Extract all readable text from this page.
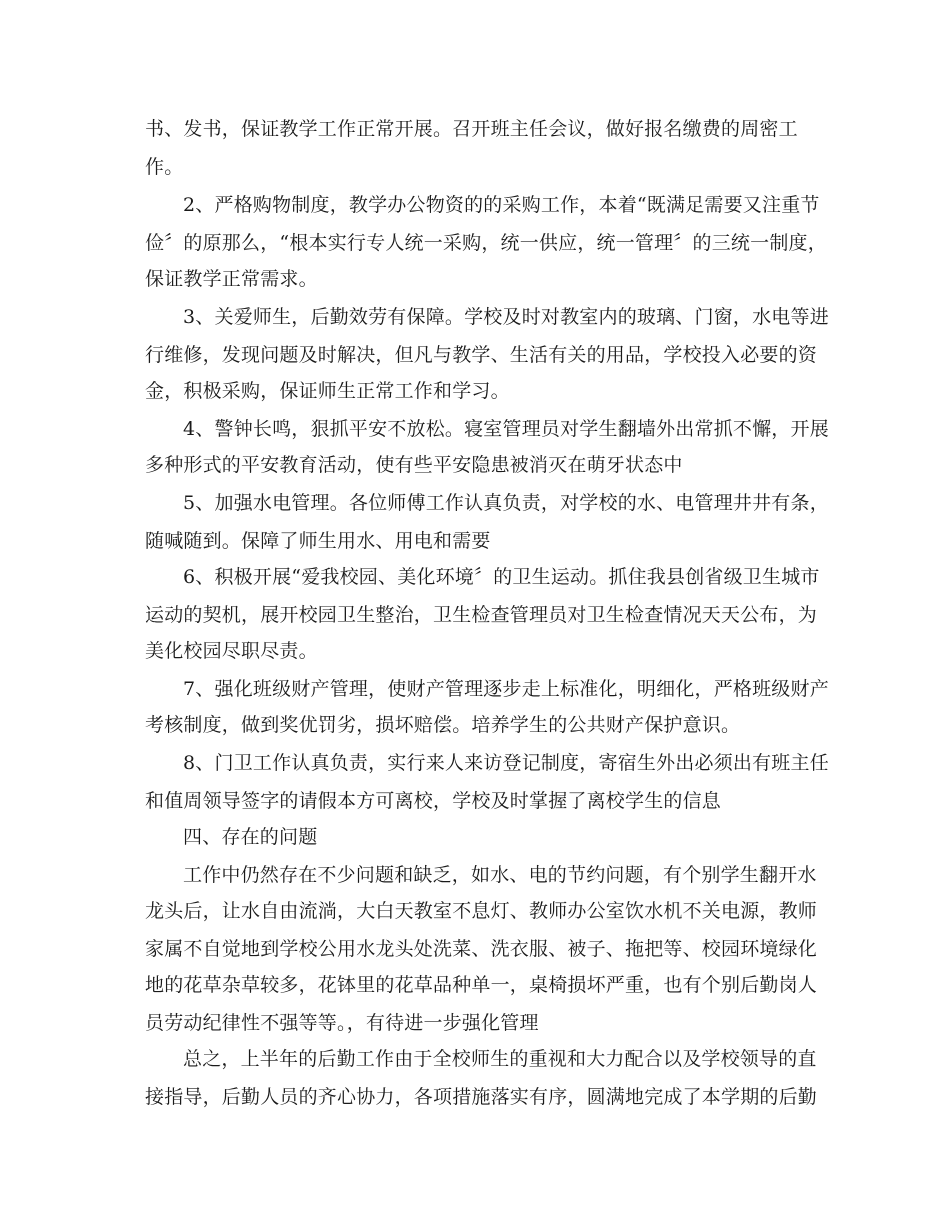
书、发书，保证教学工作正常开展。召开班主任会议，做好报名缴费的周密工
作。
2、严格购物制度，教学办公物资的的采购工作，本着“既满足需要又注重节
俭〞的原那么，“根本实行专人统一采购，统一供应，统一管理〞的三统一制度，
保证教学正常需求。
3、关爱师生，后勤效劳有保障。学校及时对教室内的玻璃、门窗，水电等进
行维修，发现问题及时解决，但凡与教学、生活有关的用品，学校投入必要的资
金，积极采购，保证师生正常工作和学习。
4、警钟长鸣，狠抓平安不放松。寝室管理员对学生翻墙外出常抓不懈，开展
多种形式的平安教育活动，使有些平安隐患被消灭在萌牙状态中
5、加强水电管理。各位师傅工作认真负责，对学校的水、电管理井井有条，
随喊随到。保障了师生用水、用电和需要
6、积极开展“爱我校园、美化环境〞的卫生运动。抓住我县创省级卫生城市
运动的契机，展开校园卫生整治，卫生检查管理员对卫生检查情况天天公布，为
美化校园尽职尽责。
7、强化班级财产管理，使财产管理逐步走上标准化，明细化，严格班级财产
考核制度，做到奖优罚劣，损坏赔偿。培养学生的公共财产保护意识。
8、门卫工作认真负责，实行来人来访登记制度，寄宿生外出必须出有班主任
和值周领导签字的请假本方可离校，学校及时掌握了离校学生的信息
四、存在的问题
工作中仍然存在不少问题和缺乏，如水、电的节约问题，有个别学生翻开水
龙头后，让水自由流淌，大白天教室不息灯、教师办公室饮水机不关电源，教师
家属不自觉地到学校公用水龙头处洗菜、洗衣服、被子、拖把等、校园环境绿化
地的花草杂草较多，花钵里的花草品种单一，桌椅损坏严重，也有个别后勤岗人
员劳动纪律性不强等等。，有待进一步强化管理
总之，上半年的后勤工作由于全校师生的重视和大力配合以及学校领导的直
接指导，后勤人员的齐心协力，各项措施落实有序，圆满地完成了本学期的后勤
